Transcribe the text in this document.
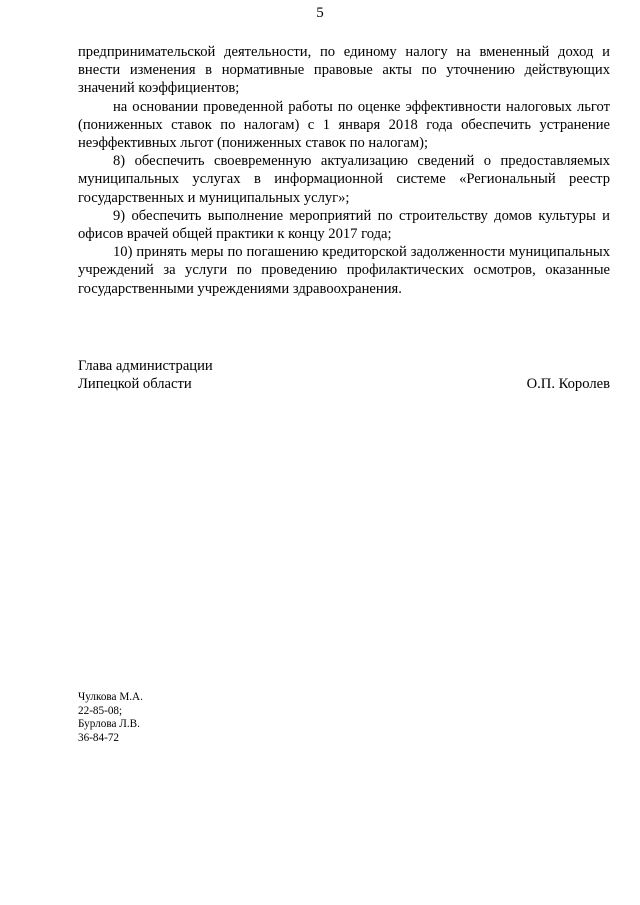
5

предпринимательской деятельности, по единому налогу на вмененный доход и внести изменения в нормативные правовые акты по уточнению действующих значений коэффициентов;

на основании проведенной работы по оценке эффективности налоговых льгот (пониженных ставок по налогам) с 1 января 2018 года обеспечить устранение неэффективных льгот (пониженных ставок по налогам);

8) обеспечить своевременную актуализацию сведений о предоставляемых муниципальных услугах в информационной системе «Региональный реестр государственных и муниципальных услуг»;

9) обеспечить выполнение мероприятий по строительству домов культуры и офисов врачей общей практики к концу 2017 года;

10) принять меры по погашению кредиторской задолженности муниципальных учреждений за услуги по проведению профилактических осмотров, оказанные государственными учреждениями здравоохранения.

Глава администрации
Липецкой области	О.П. Королев
Чулкова М.А.
22-85-08;
Бурлова Л.В.
36-84-72
